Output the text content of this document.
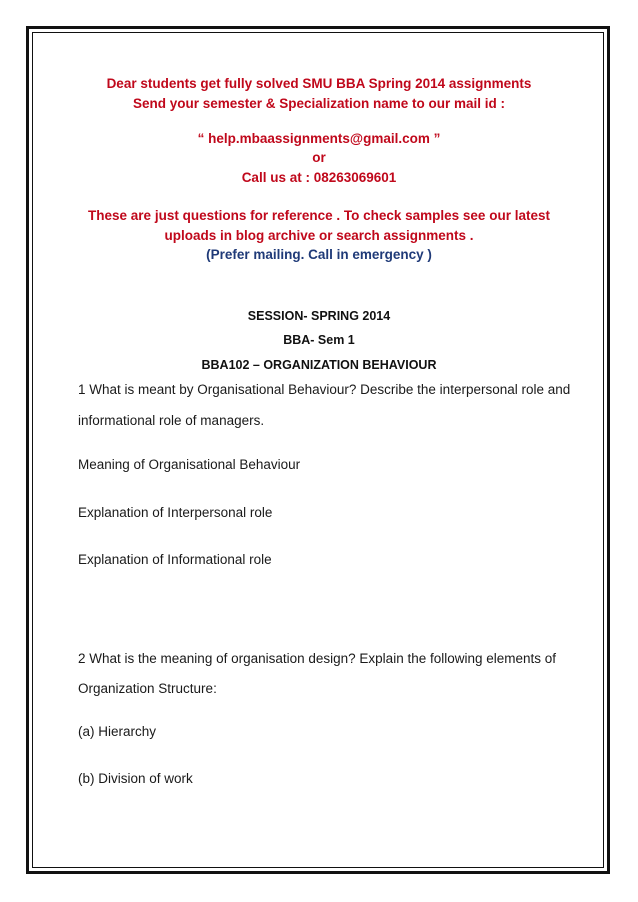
Dear students get fully solved SMU BBA Spring 2014 assignments
Send your semester & Specialization name to our mail id :
“ help.mbaassignments@gmail.com ”
or
Call us at : 08263069601
These are just questions for reference . To check samples see our latest
uploads in blog archive or search assignments .
(Prefer mailing. Call in emergency )
SESSION- SPRING 2014
BBA- Sem 1
BBA102 – ORGANIZATION BEHAVIOUR
1 What is meant by Organisational Behaviour? Describe the interpersonal role and
informational role of managers.
Meaning of Organisational Behaviour
Explanation of Interpersonal role
Explanation of Informational role
2 What is the meaning of organisation design? Explain the following elements of
Organization Structure:
(a) Hierarchy
(b) Division of work
